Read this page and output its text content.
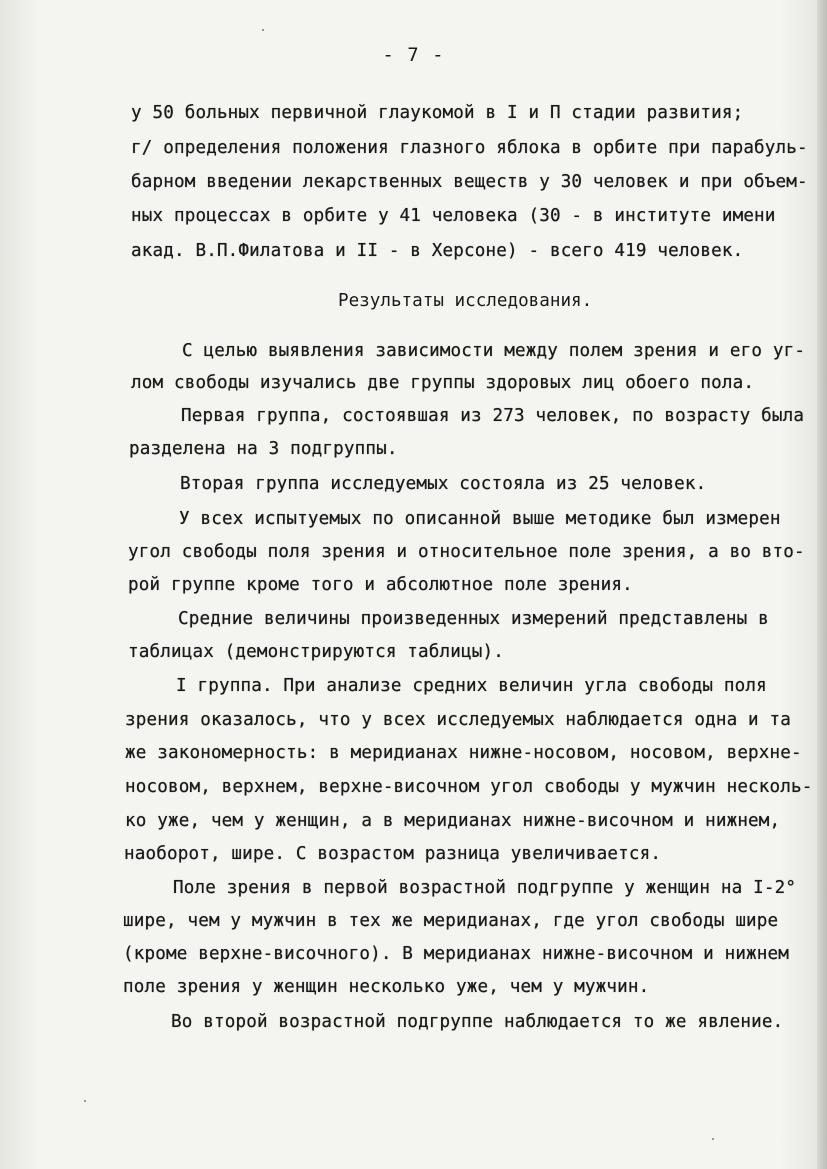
- 7 -
у 50 больных первичной глаукомой в I и П стадии развития;
г/ определения положения глазного яблока в орбите при парабуль-
барном введении лекарственных веществ у 30 человек и при объем-
ных процессах в орбите у 41 человека (30 - в институте имени
акад. В.П.Филатова и II - в Херсоне) - всего 419 человек.
Результаты исследования.
С целью выявления зависимости между полем зрения и его уг-
лом свободы изучались две группы здоровых лиц обоего пола.
Первая группа, состоявшая из 273 человек, по возрасту была
разделена на 3 подгруппы.
Вторая группа исследуемых состояла из 25 человек.
У всех испытуемых по описанной выше методике был измерен
угол свободы поля зрения и относительное поле зрения, а во вто-
рой группе кроме того и абсолютное поле зрения.
Средние величины произведенных измерений представлены в
таблицах (демонстрируются таблицы).
I группа. При анализе средних величин угла свободы поля
зрения оказалось, что у всех исследуемых наблюдается одна и та
же закономерность: в меридианах нижне-носовом, носовом, верхне-
носовом, верхнем, верхне-височном угол свободы у мужчин несколь-
ко уже, чем у женщин, а в меридианах нижне-височном и нижнем,
наоборот, шире. С возрастом разница увеличивается.
Поле зрения в первой возрастной подгруппе у женщин на I-2°
шире, чем у мужчин в тех же меридианах, где угол свободы шире
(кроме верхне-височного). В меридианах нижне-височном и нижнем
поле зрения у женщин несколько уже, чем у мужчин.
Во второй возрастной подгруппе наблюдается то же явление.
